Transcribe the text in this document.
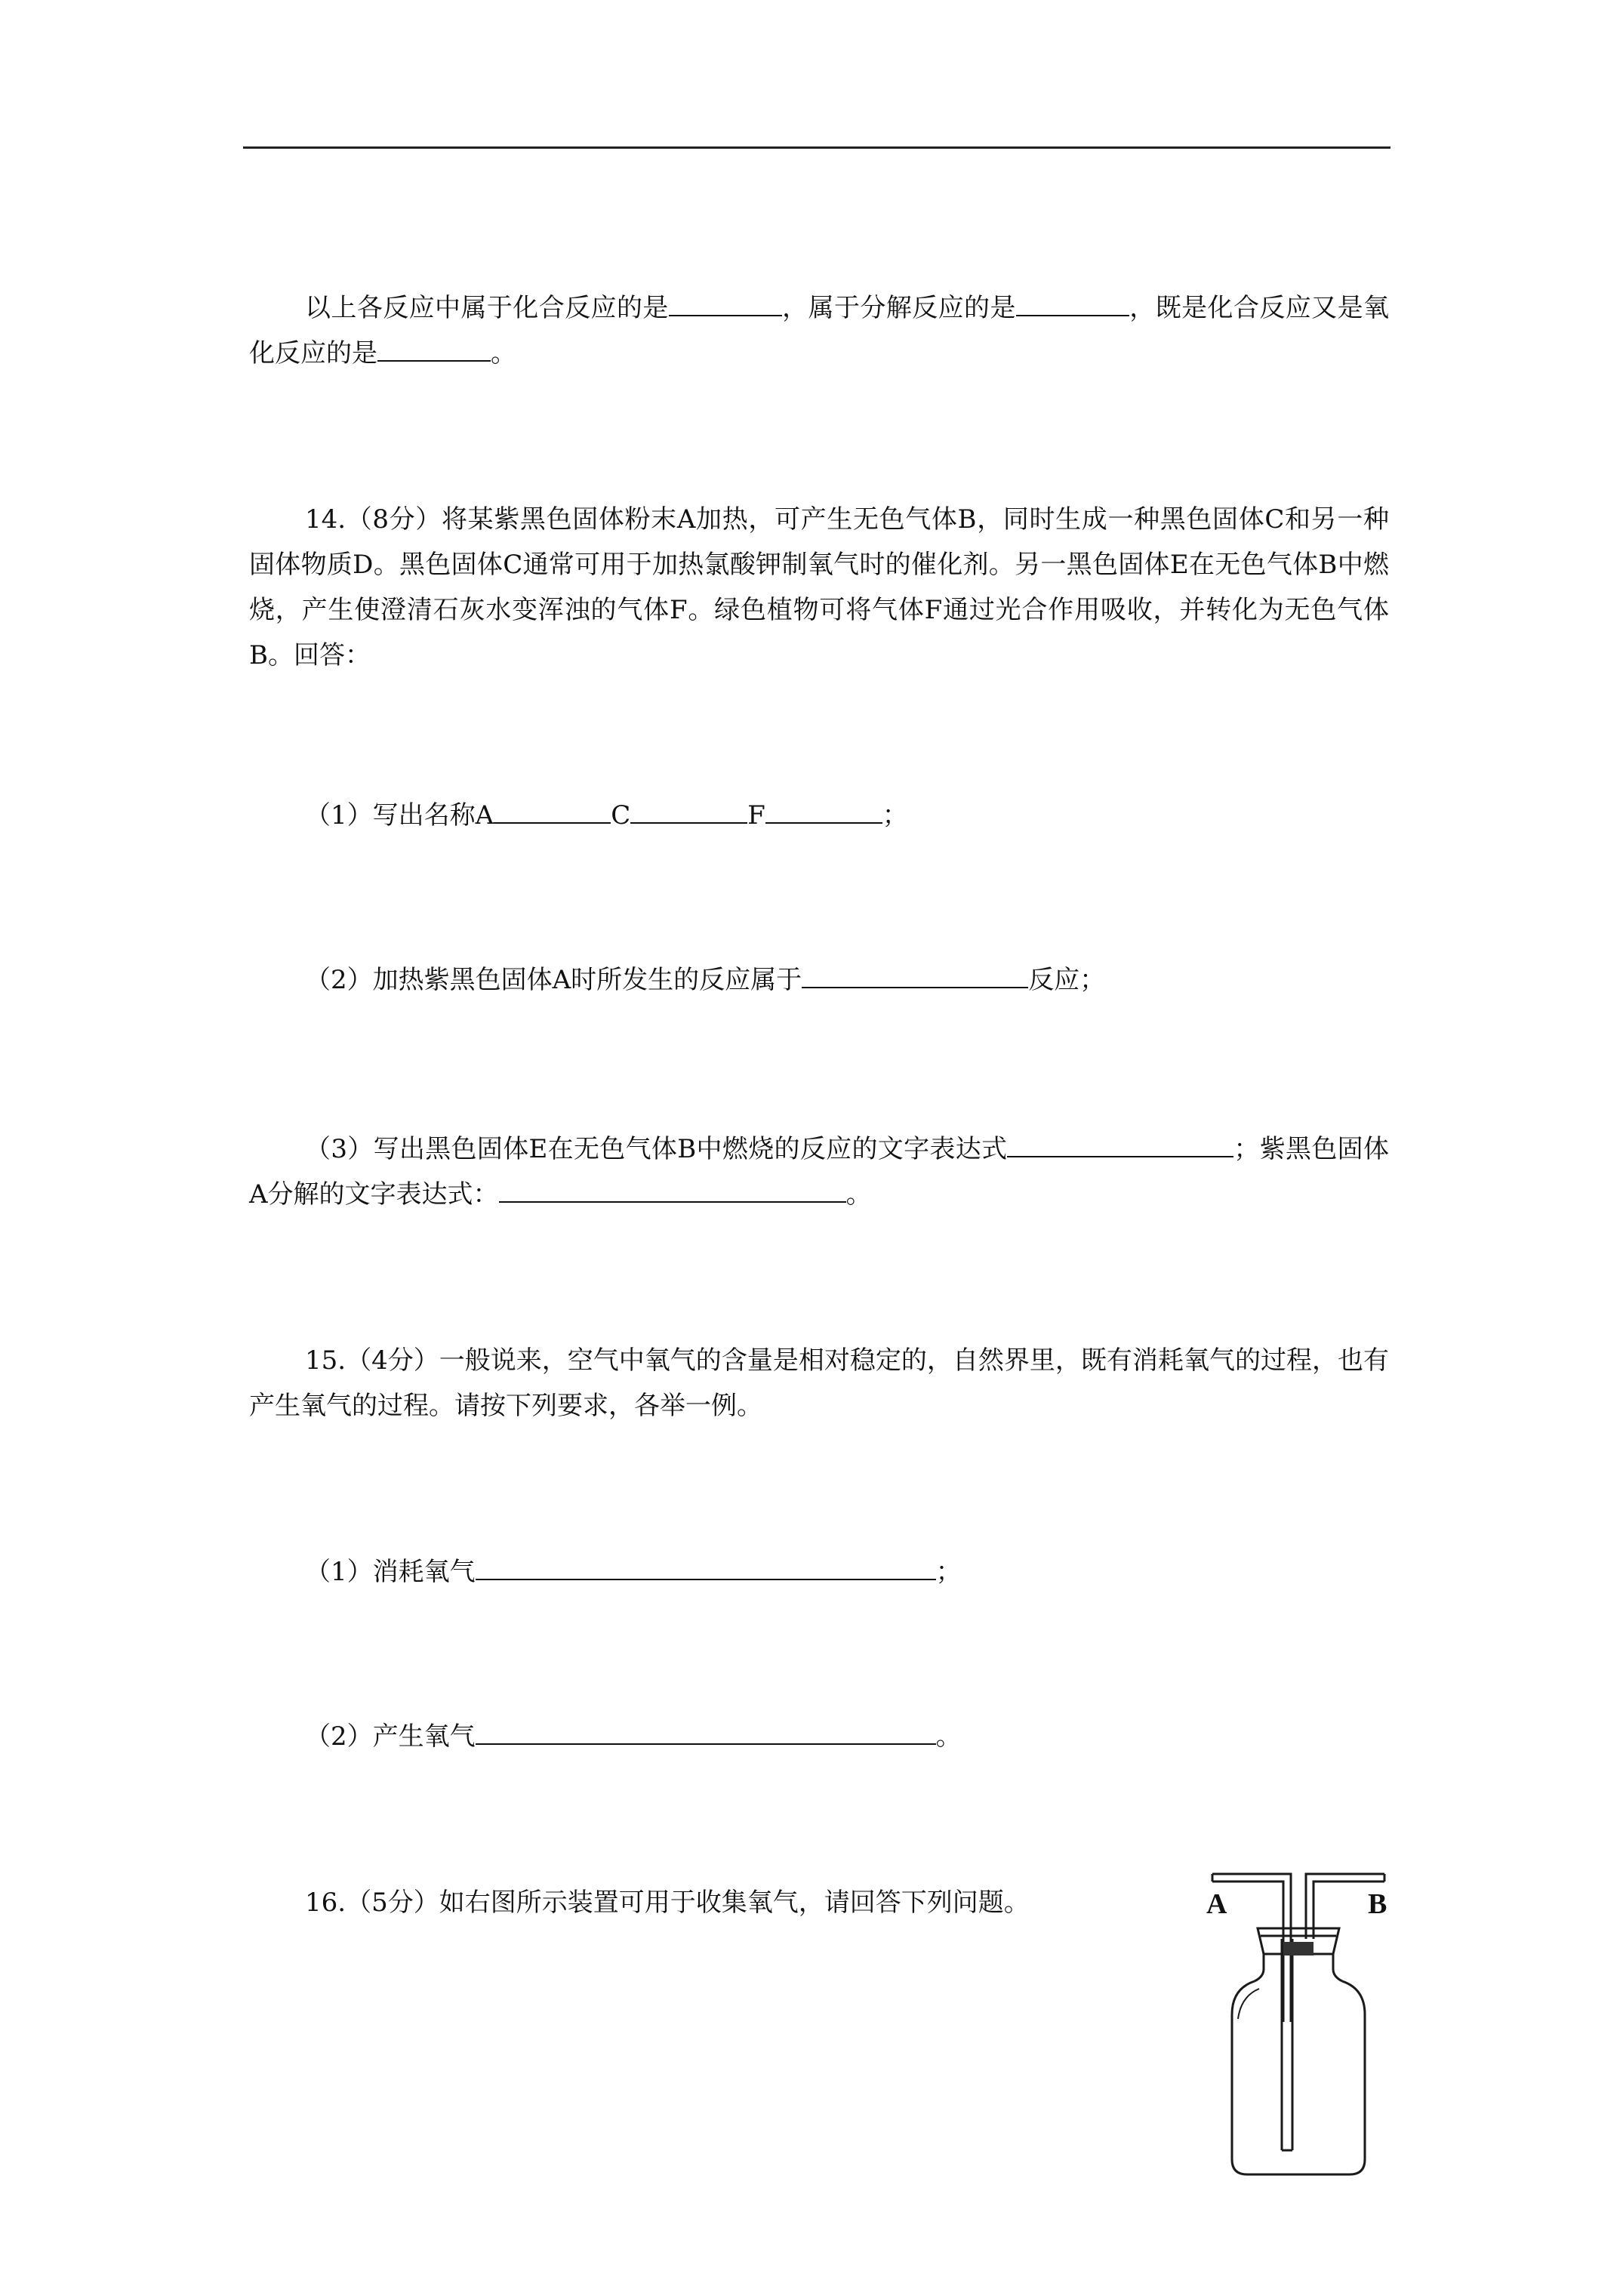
以上各反应中属于化合反应的是	，属于分解反应的是	，既是化合反应又是氧化反应的是	。

14.（8分）将某紫黑色固体粉末A加热，可产生无色气体B，同时生成一种黑色固体C和另一种固体物质D。黑色固体C通常可用于加热氯酸钾制氧气时的催化剂。另一黑色固体E在无色气体B中燃烧，产生使澄清石灰水变浑浊的气体F。绿色植物可将气体F通过光合作用吸收，并转化为无色气体B。回答：

（1）写出名称A	C	F	；

（2）加热紫黑色固体A时所发生的反应属于	反应；

（3）写出黑色固体E在无色气体B中燃烧的反应的文字表达式	；紫黑色固体A分解的文字表达式：	。

15.（4分）一般说来，空气中氧气的含量是相对稳定的，自然界里，既有消耗氧气的过程，也有产生氧气的过程。请按下列要求，各举一例。

（1）消耗氧气	；

（2）产生氧气	。

16.（5分）如右图所示装置可用于收集氧气，请回答下列问题。	A	B
